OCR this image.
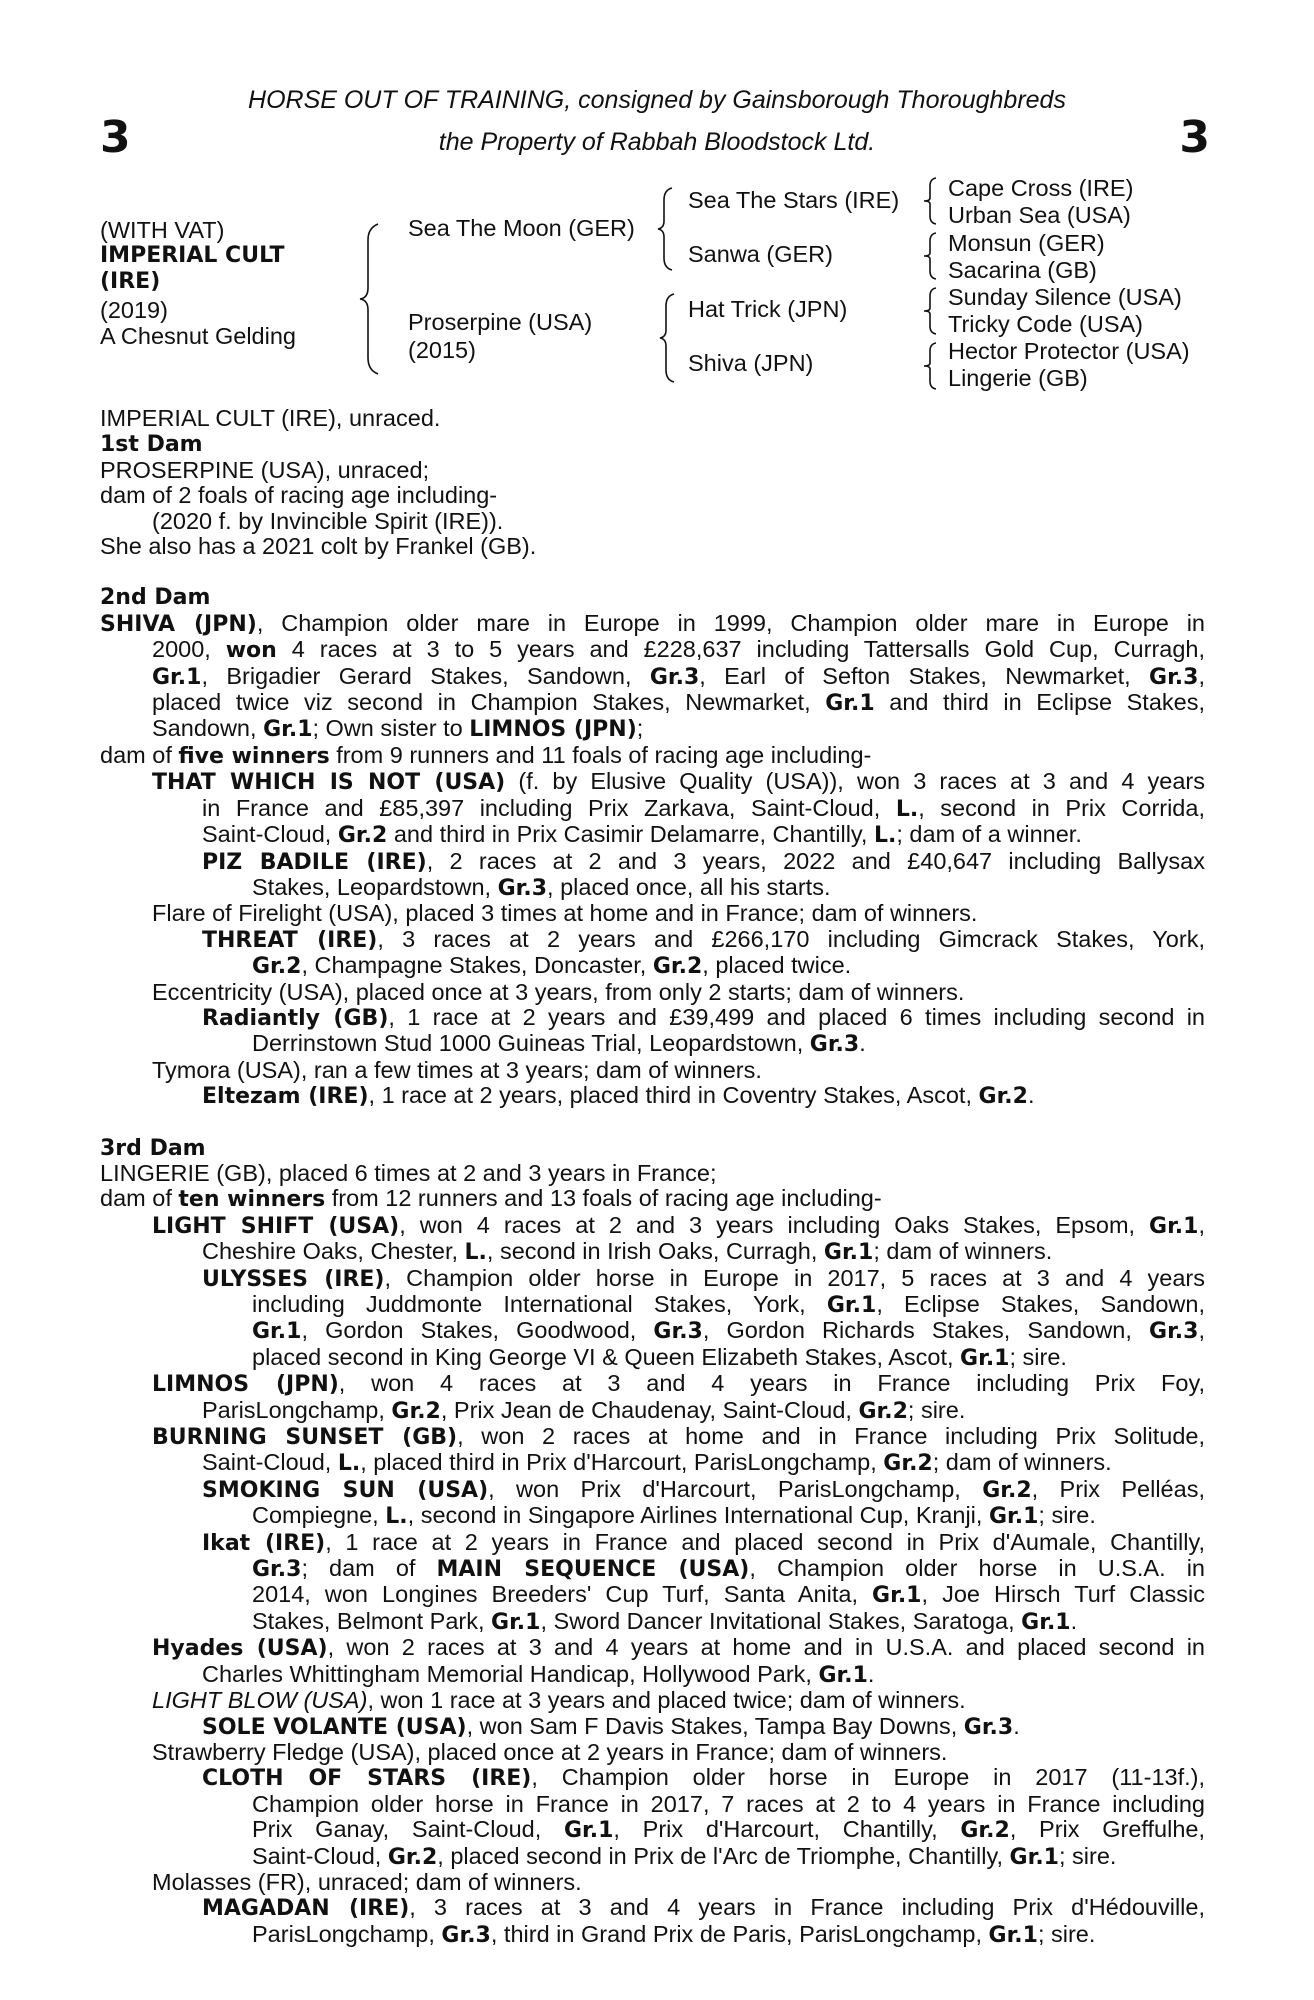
3	3
HORSE OUT OF TRAINING, consigned by Gainsborough Thoroughbreds
the Property of Rabbah Bloodstock Ltd.
(WITH VAT)
IMPERIAL CULT
(IRE)
(2019)
A Chesnut Gelding
Sea The Moon (GER)
Proserpine (USA)
(2015)
Sea The Stars (IRE)
Sanwa (GER)
Hat Trick (JPN)
Shiva (JPN)
Cape Cross (IRE)
Urban Sea (USA)
Monsun (GER)
Sacarina (GB)
Sunday Silence (USA)
Tricky Code (USA)
Hector Protector (USA)
Lingerie (GB)
IMPERIAL CULT (IRE), unraced.
1st Dam
PROSERPINE (USA), unraced;
dam of 2 foals of racing age including-
(2020 f. by Invincible Spirit (IRE)).
She also has a 2021 colt by Frankel (GB).
2nd Dam
SHIVA (JPN), Champion older mare in Europe in 1999, Champion older mare in Europe in
2000, won 4 races at 3 to 5 years and £228,637 including Tattersalls Gold Cup, Curragh,
Gr.1, Brigadier Gerard Stakes, Sandown, Gr.3, Earl of Sefton Stakes, Newmarket, Gr.3,
placed twice viz second in Champion Stakes, Newmarket, Gr.1 and third in Eclipse Stakes,
Sandown, Gr.1; Own sister to LIMNOS (JPN);
dam of five winners from 9 runners and 11 foals of racing age including-
THAT WHICH IS NOT (USA) (f. by Elusive Quality (USA)), won 3 races at 3 and 4 years
in France and £85,397 including Prix Zarkava, Saint-Cloud, L., second in Prix Corrida,
Saint-Cloud, Gr.2 and third in Prix Casimir Delamarre, Chantilly, L.; dam of a winner.
PIZ BADILE (IRE), 2 races at 2 and 3 years, 2022 and £40,647 including Ballysax
Stakes, Leopardstown, Gr.3, placed once, all his starts.
Flare of Firelight (USA), placed 3 times at home and in France; dam of winners.
THREAT (IRE), 3 races at 2 years and £266,170 including Gimcrack Stakes, York,
Gr.2, Champagne Stakes, Doncaster, Gr.2, placed twice.
Eccentricity (USA), placed once at 3 years, from only 2 starts; dam of winners.
Radiantly (GB), 1 race at 2 years and £39,499 and placed 6 times including second in
Derrinstown Stud 1000 Guineas Trial, Leopardstown, Gr.3.
Tymora (USA), ran a few times at 3 years; dam of winners.
Eltezam (IRE), 1 race at 2 years, placed third in Coventry Stakes, Ascot, Gr.2.
3rd Dam
LINGERIE (GB), placed 6 times at 2 and 3 years in France;
dam of ten winners from 12 runners and 13 foals of racing age including-
LIGHT SHIFT (USA), won 4 races at 2 and 3 years including Oaks Stakes, Epsom, Gr.1,
Cheshire Oaks, Chester, L., second in Irish Oaks, Curragh, Gr.1; dam of winners.
ULYSSES (IRE), Champion older horse in Europe in 2017, 5 races at 3 and 4 years
including Juddmonte International Stakes, York, Gr.1, Eclipse Stakes, Sandown,
Gr.1, Gordon Stakes, Goodwood, Gr.3, Gordon Richards Stakes, Sandown, Gr.3,
placed second in King George VI & Queen Elizabeth Stakes, Ascot, Gr.1; sire.
LIMNOS (JPN), won 4 races at 3 and 4 years in France including Prix Foy,
ParisLongchamp, Gr.2, Prix Jean de Chaudenay, Saint-Cloud, Gr.2; sire.
BURNING SUNSET (GB), won 2 races at home and in France including Prix Solitude,
Saint-Cloud, L., placed third in Prix d'Harcourt, ParisLongchamp, Gr.2; dam of winners.
SMOKING SUN (USA), won Prix d'Harcourt, ParisLongchamp, Gr.2, Prix Pelléas,
Compiegne, L., second in Singapore Airlines International Cup, Kranji, Gr.1; sire.
Ikat (IRE), 1 race at 2 years in France and placed second in Prix d'Aumale, Chantilly,
Gr.3; dam of MAIN SEQUENCE (USA), Champion older horse in U.S.A. in
2014, won Longines Breeders' Cup Turf, Santa Anita, Gr.1, Joe Hirsch Turf Classic
Stakes, Belmont Park, Gr.1, Sword Dancer Invitational Stakes, Saratoga, Gr.1.
Hyades (USA), won 2 races at 3 and 4 years at home and in U.S.A. and placed second in
Charles Whittingham Memorial Handicap, Hollywood Park, Gr.1.
LIGHT BLOW (USA), won 1 race at 3 years and placed twice; dam of winners.
SOLE VOLANTE (USA), won Sam F Davis Stakes, Tampa Bay Downs, Gr.3.
Strawberry Fledge (USA), placed once at 2 years in France; dam of winners.
CLOTH OF STARS (IRE), Champion older horse in Europe in 2017 (11-13f.),
Champion older horse in France in 2017, 7 races at 2 to 4 years in France including
Prix Ganay, Saint-Cloud, Gr.1, Prix d'Harcourt, Chantilly, Gr.2, Prix Greffulhe,
Saint-Cloud, Gr.2, placed second in Prix de l'Arc de Triomphe, Chantilly, Gr.1; sire.
Molasses (FR), unraced; dam of winners.
MAGADAN (IRE), 3 races at 3 and 4 years in France including Prix d'Hédouville,
ParisLongchamp, Gr.3, third in Grand Prix de Paris, ParisLongchamp, Gr.1; sire.
